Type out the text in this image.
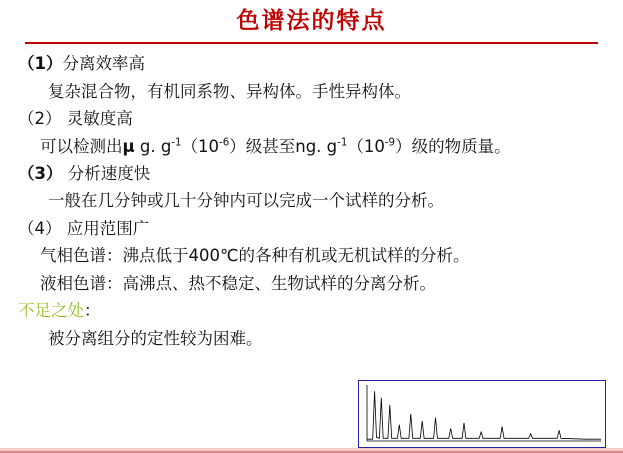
色谱法的特点
（1）分离效率高
复杂混合物，有机同系物、异构体。手性异构体。
（2） 灵敏度高
可以检测出μ g. $g^{-1}(10^{-6})$级甚至ng. $g^{-1}(10^{-9})$级的物质量。
（3） 分析速度快
一般在几分钟或几十分钟内可以完成一个试样的分析。
（4） 应用范围广
气相色谱：沸点低于400℃的各种有机或无机试样的分析。
液相色谱：高沸点、热不稳定、生物试样的分离分析。
不足之处：
被分离组分的定性较为困难。
